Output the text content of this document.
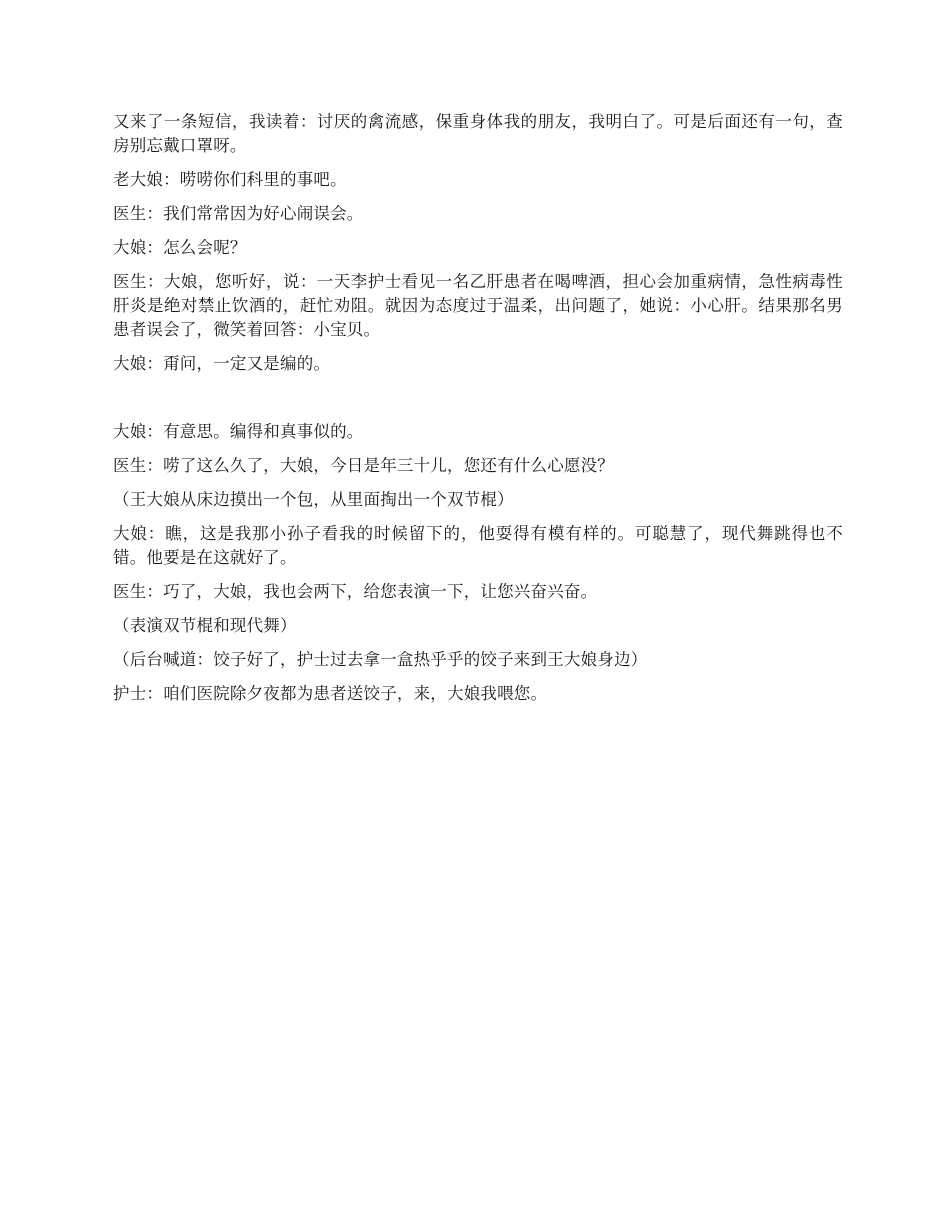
又来了一条短信，我读着：讨厌的禽流感，保重身体我的朋友，我明白了。可是后面还有一句，查房别忘戴口罩呀。

老大娘：唠唠你们科里的事吧。

医生：我们常常因为好心闹误会。

大娘：怎么会呢？

医生：大娘，您听好，说：一天李护士看见一名乙肝患者在喝啤酒，担心会加重病情，急性病毒性肝炎是绝对禁止饮酒的，赶忙劝阻。就因为态度过于温柔，出问题了，她说：小心肝。结果那名男患者误会了，微笑着回答：小宝贝。

大娘：甭问，一定又是编的。

大娘：有意思。编得和真事似的。

医生：唠了这么久了，大娘，今日是年三十儿，您还有什么心愿没？

（王大娘从床边摸出一个包，从里面掏出一个双节棍）

大娘：瞧，这是我那小孙子看我的时候留下的，他耍得有模有样的。可聪慧了，现代舞跳得也不错。他要是在这就好了。

医生：巧了，大娘，我也会两下，给您表演一下，让您兴奋兴奋。

（表演双节棍和现代舞）

（后台喊道：饺子好了，护士过去拿一盒热乎乎的饺子来到王大娘身边）

护士：咱们医院除夕夜都为患者送饺子，来，大娘我喂您。
